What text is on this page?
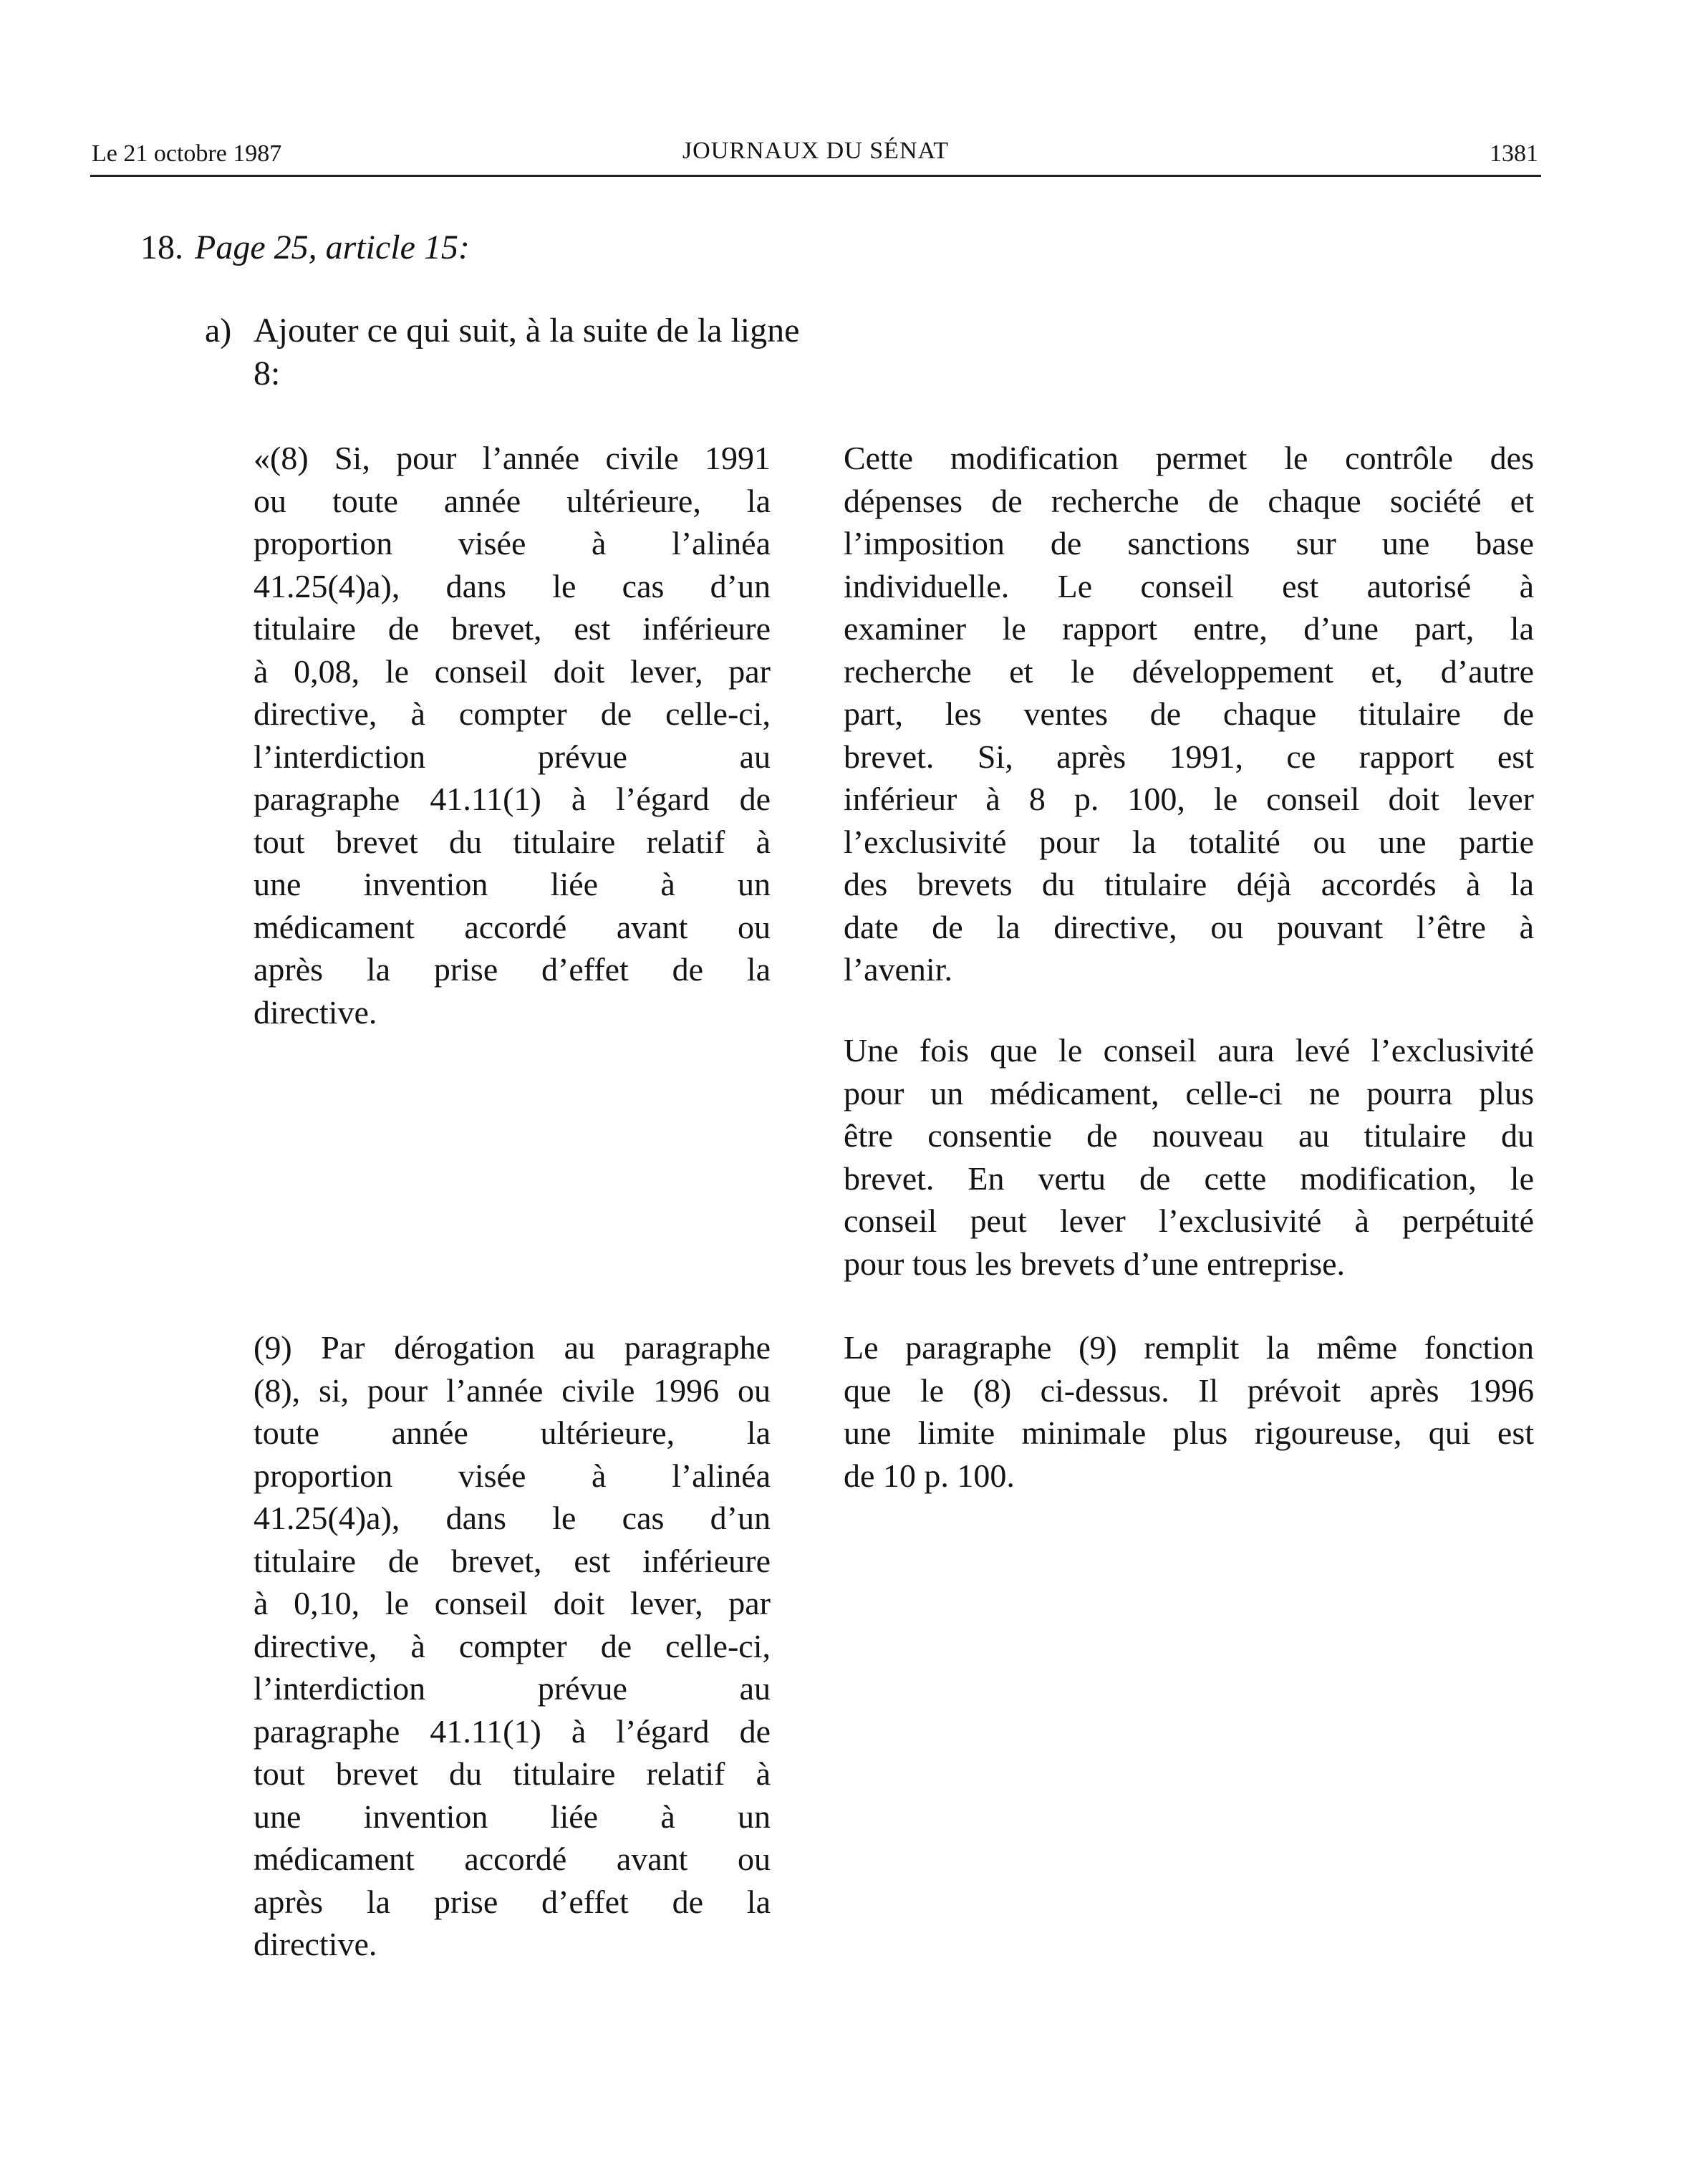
Le 21 octobre 1987	JOURNAUX DU SÉNAT	1381
18. Page 25, article 15:
a) Ajouter ce qui suit, à la suite de la ligne 8:
«(8) Si, pour l’année civile 1991
ou toute année ultérieure, la
proportion visée à l’alinéa
41.25(4)a), dans le cas d’un
titulaire de brevet, est inférieure
à 0,08, le conseil doit lever, par
directive, à compter de celle-ci,
l’interdiction prévue au
paragraphe 41.11(1) à l’égard de
tout brevet du titulaire relatif à
une invention liée à un
médicament accordé avant ou
après la prise d’effet de la
directive.
Cette modification permet le contrôle des
dépenses de recherche de chaque société et
l’imposition de sanctions sur une base
individuelle. Le conseil est autorisé à
examiner le rapport entre, d’une part, la
recherche et le développement et, d’autre
part, les ventes de chaque titulaire de
brevet. Si, après 1991, ce rapport est
inférieur à 8 p. 100, le conseil doit lever
l’exclusivité pour la totalité ou une partie
des brevets du titulaire déjà accordés à la
date de la directive, ou pouvant l’être à
l’avenir.
Une fois que le conseil aura levé l’exclusivité
pour un médicament, celle-ci ne pourra plus
être consentie de nouveau au titulaire du
brevet. En vertu de cette modification, le
conseil peut lever l’exclusivité à perpétuité
pour tous les brevets d’une entreprise.
(9) Par dérogation au paragraphe
(8), si, pour l’année civile 1996 ou
toute année ultérieure, la
proportion visée à l’alinéa
41.25(4)a), dans le cas d’un
titulaire de brevet, est inférieure
à 0,10, le conseil doit lever, par
directive, à compter de celle-ci,
l’interdiction prévue au
paragraphe 41.11(1) à l’égard de
tout brevet du titulaire relatif à
une invention liée à un
médicament accordé avant ou
après la prise d’effet de la
directive.
Le paragraphe (9) remplit la même fonction
que le (8) ci-dessus. Il prévoit après 1996
une limite minimale plus rigoureuse, qui est
de 10 p. 100.
